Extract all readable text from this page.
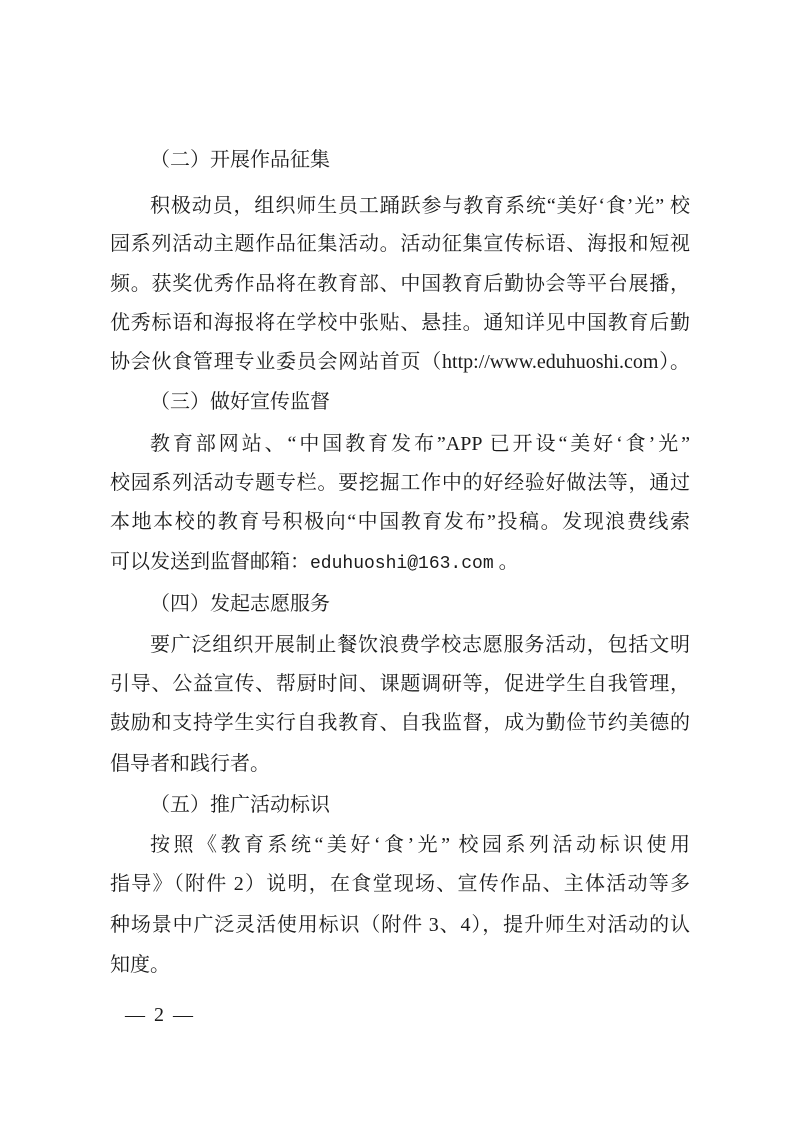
（二）开展作品征集
积极动员，组织师生员工踊跃参与教育系统“美好‘食’光” 校
园系列活动主题作品征集活动。活动征集宣传标语、海报和短视
频。获奖优秀作品将在教育部、中国教育后勤协会等平台展播，
优秀标语和海报将在学校中张贴、悬挂。通知详见中国教育后勤
协会伙食管理专业委员会网站首页（http://www.eduhuoshi.com）。
（三）做好宣传监督
教育部网站、“中国教育发布”APP 已开设“美好‘食’光”
校园系列活动专题专栏。要挖掘工作中的好经验好做法等，通过
本地本校的教育号积极向“中国教育发布”投稿。发现浪费线索
可以发送到监督邮箱：eduhuoshi@163.com 。
（四）发起志愿服务
要广泛组织开展制止餐饮浪费学校志愿服务活动，包括文明
引导、公益宣传、帮厨时间、课题调研等，促进学生自我管理，
鼓励和支持学生实行自我教育、自我监督，成为勤俭节约美德的
倡导者和践行者。
（五）推广活动标识
按照《教育系统“美好‘食’光” 校园系列活动标识使用
指导》（附件 2）说明，在食堂现场、宣传作品、主体活动等多
种场景中广泛灵活使用标识（附件 3、4），提升师生对活动的认
知度。
— 2 —
